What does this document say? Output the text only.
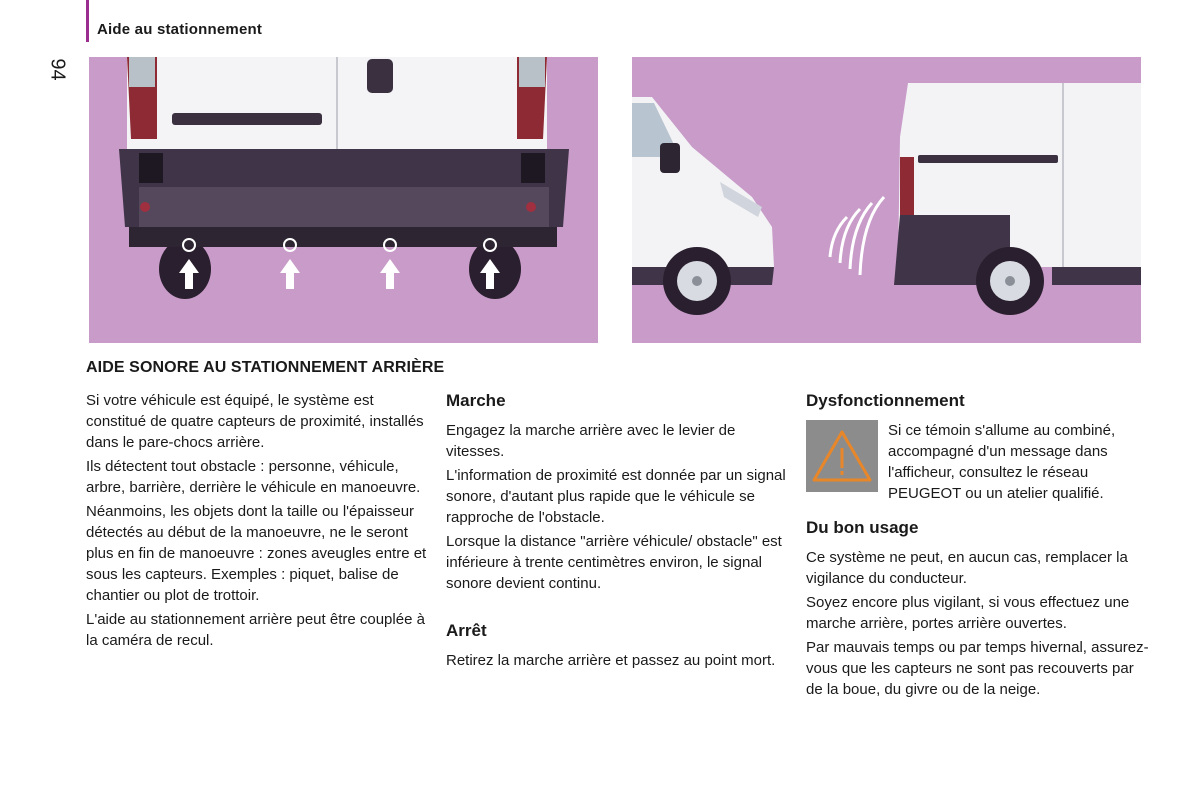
Aide au stationnement
94
AIDE SONORE AU STATIONNEMENT ARRIÈRE

Si votre véhicule est équipé, le système est constitué de quatre capteurs de proximité, installés dans le pare-chocs arrière.

Ils détectent tout obstacle : personne, véhicule, arbre, barrière, derrière le véhicule en manoeuvre.

Néanmoins, les objets dont la taille ou l'épaisseur détectés au début de la manoeuvre, ne le seront plus en fin de manoeuvre : zones aveugles entre et sous les capteurs. Exemples : piquet, balise de chantier ou plot de trottoir.

L'aide au stationnement arrière peut être couplée à la caméra de recul.

Marche

Engagez la marche arrière avec le levier de vitesses.

L'information de proximité est donnée par un signal sonore, d'autant plus rapide que le véhicule se rapproche de l'obstacle.

Lorsque la distance "arrière véhicule/ obstacle" est inférieure à trente centimètres environ, le signal sonore devient continu.

Arrêt

Retirez la marche arrière et passez au point mort.

Dysfonctionnement

Si ce témoin s'allume au combiné, accompagné d'un message dans l'afficheur, consultez le réseau PEUGEOT ou un atelier qualifié.

Du bon usage

Ce système ne peut, en aucun cas, remplacer la vigilance du conducteur.

Soyez encore plus vigilant, si vous effectuez une marche arrière, portes arrière ouvertes.

Par mauvais temps ou par temps hivernal, assurez-vous que les capteurs ne sont pas recouverts par de la boue, du givre ou de la neige.
